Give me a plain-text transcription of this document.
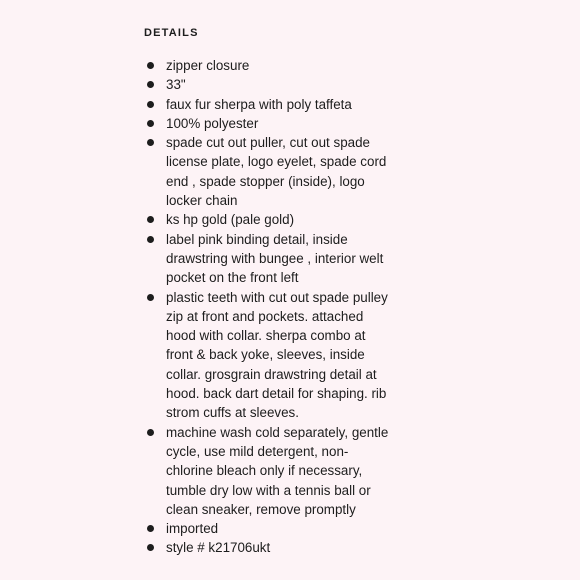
DETAILS
zipper closure
33"
faux fur sherpa with poly taffeta
100% polyester
spade cut out puller, cut out spade license plate, logo eyelet, spade cord end , spade stopper (inside), logo locker chain
ks hp gold (pale gold)
label pink binding detail, inside drawstring with bungee , interior welt pocket on the front left
plastic teeth with cut out spade pulley zip at front and pockets. attached hood with collar. sherpa combo at front & back yoke, sleeves, inside collar. grosgrain drawstring detail at hood. back dart detail for shaping. rib strom cuffs at sleeves.
machine wash cold separately, gentle cycle, use mild detergent, non-chlorine bleach only if necessary, tumble dry low with a tennis ball or clean sneaker, remove promptly
imported
style # k21706ukt
